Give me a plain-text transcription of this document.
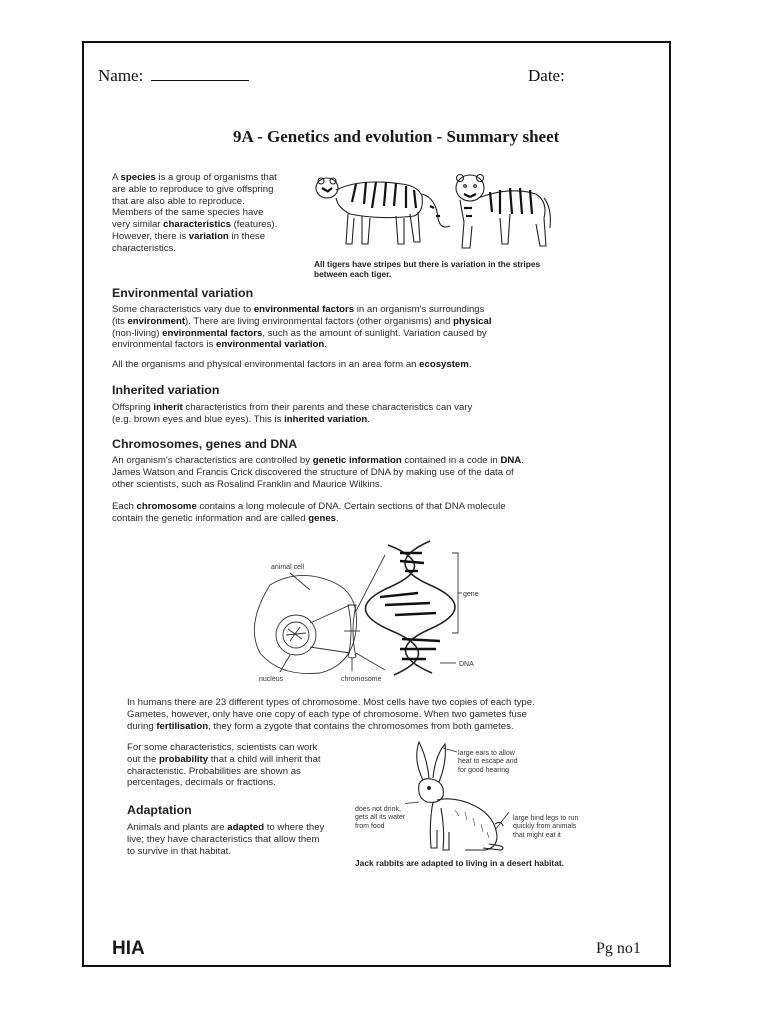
Name:	Date:
9A - Genetics and evolution - Summary sheet
A species is a group of organisms that
are able to reproduce to give offspring
that are also able to reproduce.
Members of the same species have
very similar characteristics (features).
However, there is variation in these
characteristics.
All tigers have stripes but there is variation in the stripes
between each tiger.
Environmental variation
Some characteristics vary due to environmental factors in an organism's surroundings
(its environment). There are living environmental factors (other organisms) and physical
(non-living) environmental factors, such as the amount of sunlight. Variation caused by
environmental factors is environmental variation.
All the organisms and physical environmental factors in an area form an ecosystem.
Inherited variation
Offspring inherit characteristics from their parents and these characteristics can vary
(e.g. brown eyes and blue eyes). This is inherited variation.
Chromosomes, genes and DNA
An organism's characteristics are controlled by genetic information contained in a code in DNA.
James Watson and Francis Crick discovered the structure of DNA by making use of the data of
other scientists, such as Rosalind Franklin and Maurice Wilkins.
Each chromosome contains a long molecule of DNA. Certain sections of that DNA molecule
contain the genetic information and are called genes.
animal cell
nucleus	chromosome
gene
DNA
In humans there are 23 different types of chromosome. Most cells have two copies of each type.
Gametes, however, only have one copy of each type of chromosome. When two gametes fuse
during fertilisation, they form a zygote that contains the chromosomes from both gametes.
For some characteristics, scientists can work
out the probability that a child will inherit that
characteristic. Probabilities are shown as
percentages, decimals or fractions.
Adaptation
Animals and plants are adapted to where they
live; they have characteristics that allow them
to survive in that habitat.
large ears to allow
heat to escape and
for good hearing
does not drink,
gets all its water
from food
large hind legs to run
quickly from animals
that might eat it
Jack rabbits are adapted to living in a desert habitat.
HIA	Pg no1
